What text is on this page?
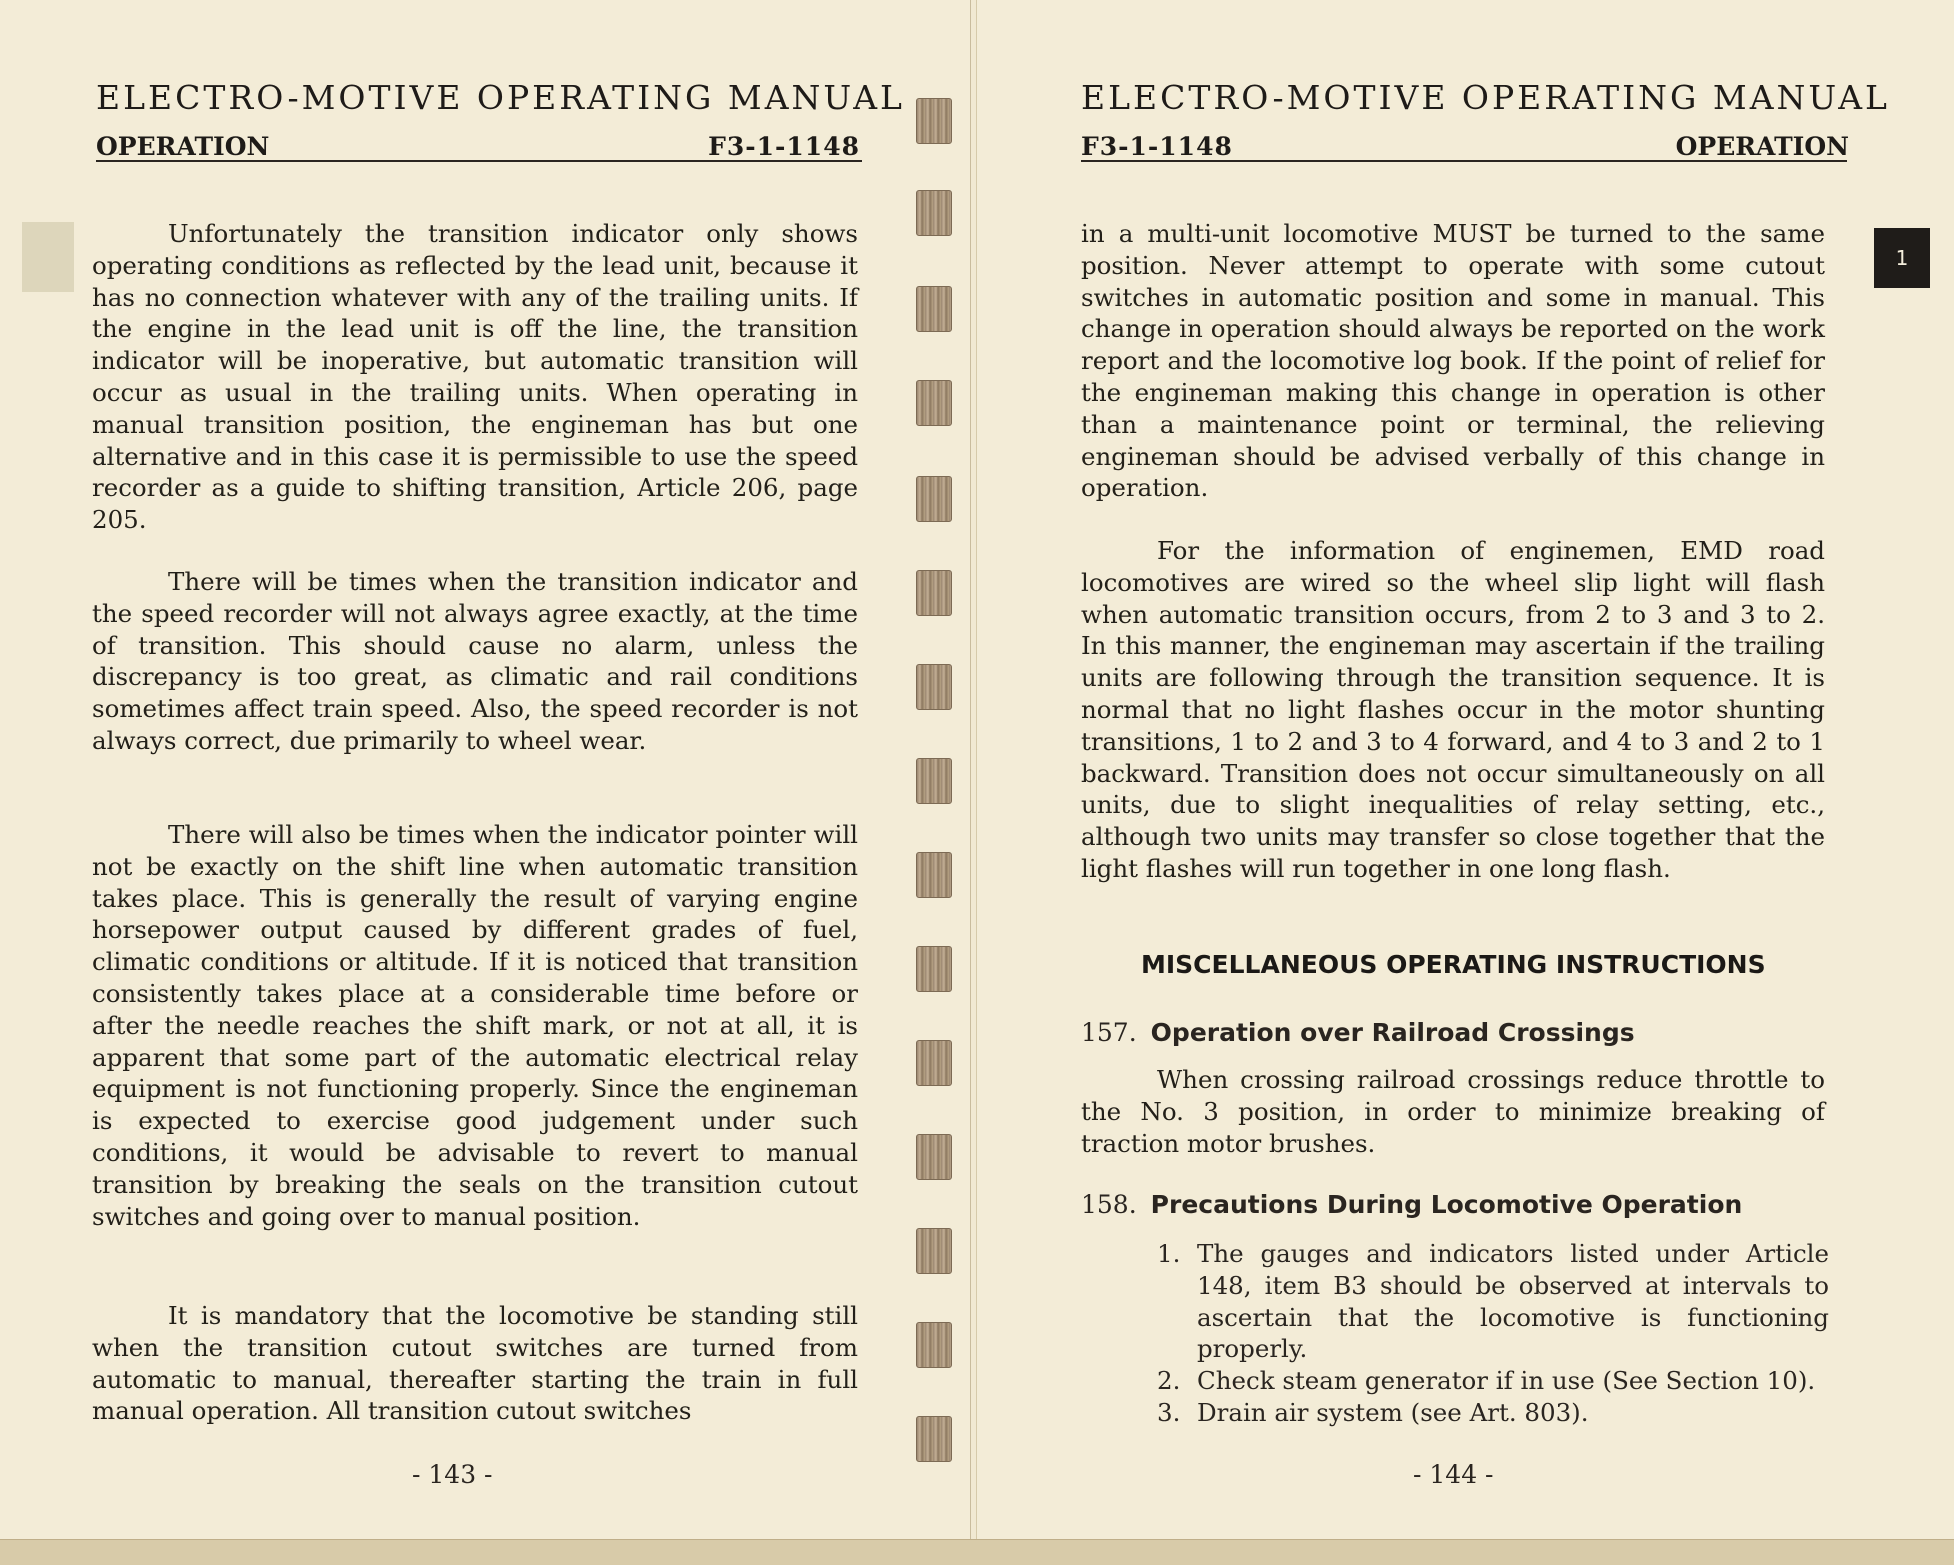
ELECTRO-MOTIVE OPERATING MANUAL
OPERATION	F3-1-1148

Unfortunately the transition indicator only shows operating conditions as reflected by the lead unit, because it has no connection whatever with any of the trailing units. If the engine in the lead unit is off the line, the transition indicator will be inoperative, but automatic transition will occur as usual in the trailing units. When operating in manual transition position, the engineman has but one alternative and in this case it is permissible to use the speed recorder as a guide to shifting transition, Article 206, page 205.

There will be times when the transition indicator and the speed recorder will not always agree exactly, at the time of transition. This should cause no alarm, unless the discrepancy is too great, as climatic and rail conditions sometimes affect train speed. Also, the speed recorder is not always correct, due primarily to wheel wear.

There will also be times when the indicator pointer will not be exactly on the shift line when automatic transition takes place. This is generally the result of varying engine horsepower output caused by different grades of fuel, climatic conditions or altitude. If it is noticed that transition consistently takes place at a considerable time before or after the needle reaches the shift mark, or not at all, it is apparent that some part of the automatic electrical relay equipment is not functioning properly. Since the engineman is expected to exercise good judgement under such conditions, it would be advisable to revert to manual transition by breaking the seals on the transition cutout switches and going over to manual position.

It is mandatory that the locomotive be standing still when the transition cutout switches are turned from automatic to manual, thereafter starting the train in full manual operation. All transition cutout switches

- 143 -
ELECTRO-MOTIVE OPERATING MANUAL
F3-1-1148	OPERATION

in a multi-unit locomotive MUST be turned to the same position. Never attempt to operate with some cutout switches in automatic position and some in manual. This change in operation should always be reported on the work report and the locomotive log book. If the point of relief for the engineman making this change in operation is other than a maintenance point or terminal, the relieving engineman should be advised verbally of this change in operation.

For the information of enginemen, EMD road locomotives are wired so the wheel slip light will flash when automatic transition occurs, from 2 to 3 and 3 to 2. In this manner, the engineman may ascertain if the trailing units are following through the transition sequence. It is normal that no light flashes occur in the motor shunting transitions, 1 to 2 and 3 to 4 forward, and 4 to 3 and 2 to 1 backward. Transition does not occur simultaneously on all units, due to slight inequalities of relay setting, etc., although two units may transfer so close together that the light flashes will run together in one long flash.

MISCELLANEOUS OPERATING INSTRUCTIONS
157. Operation over Railroad Crossings

When crossing railroad crossings reduce throttle to the No. 3 position, in order to minimize breaking of traction motor brushes.

158. Precautions During Locomotive Operation
1. The gauges and indicators listed under Article 148, item B3 should be observed at intervals to ascertain that the locomotive is functioning properly.
2. Check steam generator if in use (See Section 10).
3. Drain air system (see Art. 803).
- 144 -
1
